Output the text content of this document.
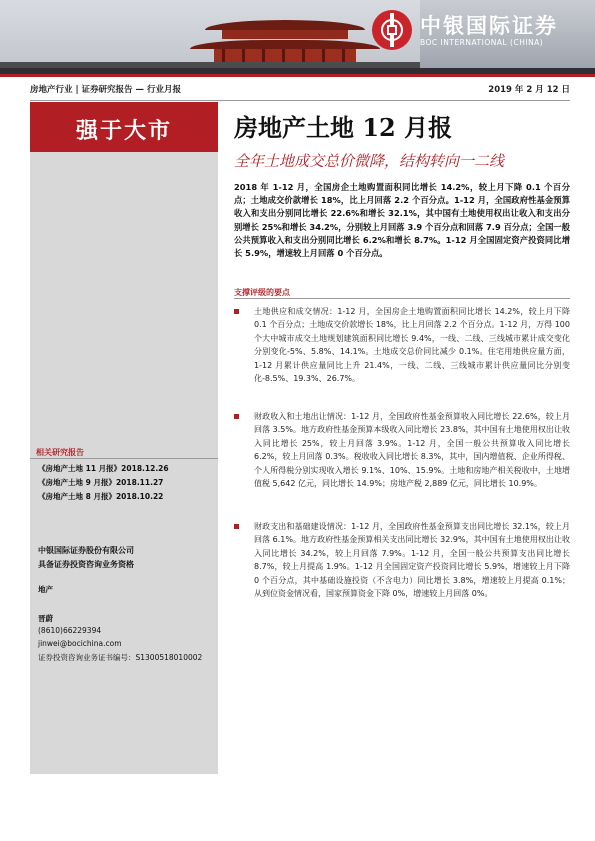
中银国际证券
BOC INTERNATIONAL (CHINA)
房地产行业 | 证券研究报告 — 行业月报	2019 年 2 月 12 日
强于大市
相关研究报告
《房地产土地 11 月报》2018.12.26
《房地产土地 9 月报》2018.11.27
《房地产土地 8 月报》2018.10.22
中银国际证券股份有限公司
具备证券投资咨询业务资格
地产
晋蔚
(8610)66229394
jinwei@bocichina.com
证券投资咨询业务证书编号：S1300518010002
房地产土地 12 月报
全年土地成交总价微降，结构转向一二线
2018 年 1-12 月，全国房企土地购置面积同比增长 14.2%，较上月下降 0.1 个百分点；土地成交价款增长 18%，比上月回落 2.2 个百分点。1-12 月，全国政府性基金预算收入和支出分别同比增长 22.6%和增长 32.1%，其中国有土地使用权出让收入和支出分别增长 25%和增长 34.2%，分别较上月回落 3.9 个百分点和回落 7.9 百分点；全国一般公共预算收入和支出分别同比增长 6.2%和增长 8.7%。1-12 月全国固定资产投资同比增长 5.9%，增速较上月回落 0 个百分点。
支撑评级的要点
土地供应和成交情况：1-12 月，全国房企土地购置面积同比增长 14.2%，较上月下降 0.1 个百分点；土地成交价款增长 18%，比上月回落 2.2 个百分点。1-12 月，万得 100 个大中城市成交土地规划建筑面积同比增长 9.4%，一线、二线、三线城市累计成交变化分别变化-5%、5.8%、14.1%。土地成交总价同比减少 0.1%。住宅用地供应量方面，1-12 月累计供应量同比上升 21.4%，一线、二线、三线城市累计供应量同比分别变化-8.5%、19.3%、26.7%。
财政收入和土地出让情况：1-12 月，全国政府性基金预算收入同比增长 22.6%，较上月回落 3.5%。地方政府性基金预算本级收入同比增长 23.8%，其中国有土地使用权出让收入同比增长 25%，较上月回落 3.9%。1-12 月，全国一般公共预算收入同比增长 6.2%，较上月回落 0.3%。税收收入同比增长 8.3%，其中，国内增值税、企业所得税、个人所得税分别实现收入增长 9.1%、10%、15.9%。土地和房地产相关税收中，土地增值税 5,642 亿元，同比增长 14.9%；房地产税 2,889 亿元，同比增长 10.9%。
财政支出和基础建设情况：1-12 月，全国政府性基金预算支出同比增长 32.1%，较上月回落 6.1%。地方政府性基金预算相关支出同比增长 32.9%，其中国有土地使用权出让收入同比增长 34.2%，较上月回落 7.9%。1-12 月，全国一般公共预算支出同比增长 8.7%，较上月提高 1.9%。1-12 月全国固定资产投资同比增长 5.9%，增速较上月下降 0 个百分点，其中基础设施投资（不含电力）同比增长 3.8%，增速较上月提高 0.1%；从到位资金情况看，国家预算资金下降 0%，增速较上月回落 0%。
